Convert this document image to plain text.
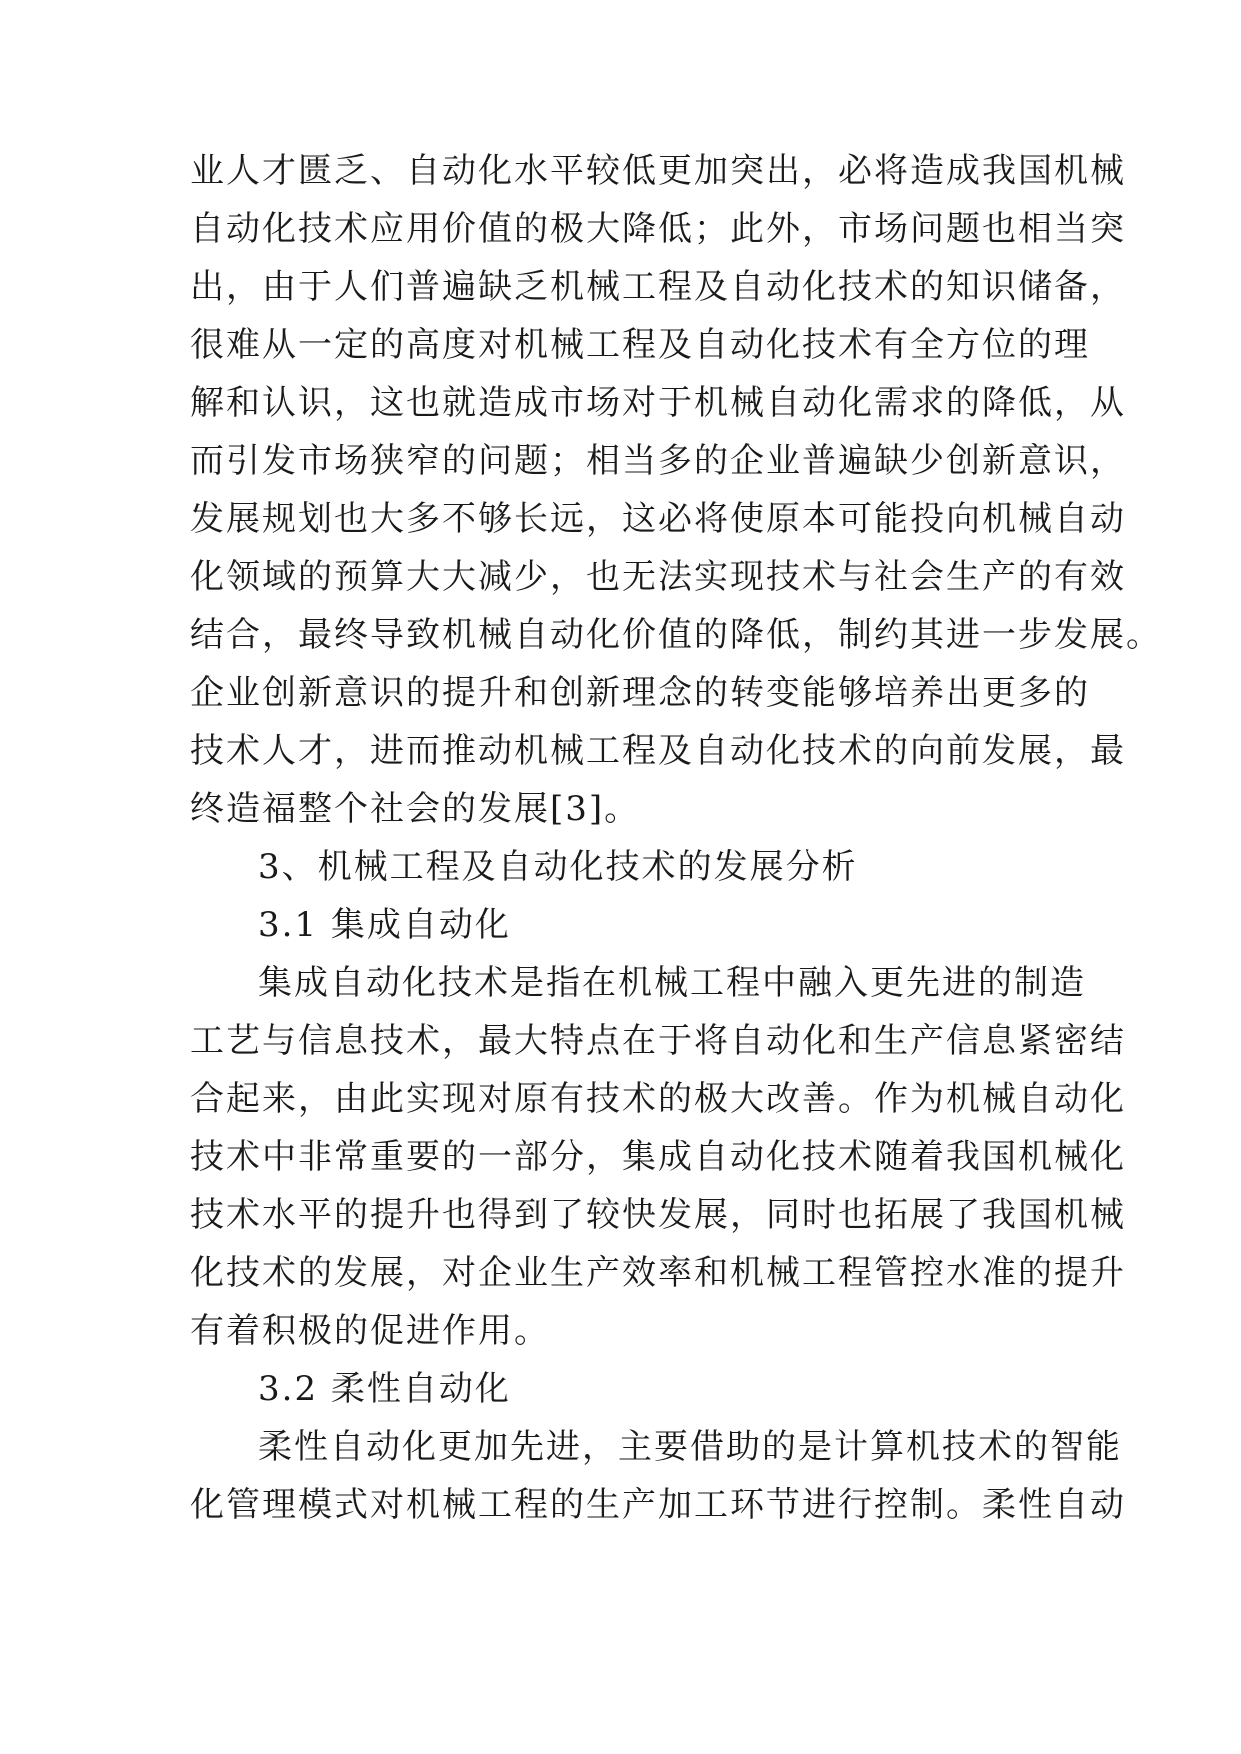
业人才匮乏、自动化水平较低更加突出，必将造成我国机械
自动化技术应用价值的极大降低；此外，市场问题也相当突
出，由于人们普遍缺乏机械工程及自动化技术的知识储备，
很难从一定的高度对机械工程及自动化技术有全方位的理
解和认识，这也就造成市场对于机械自动化需求的降低，从
而引发市场狭窄的问题；相当多的企业普遍缺少创新意识，
发展规划也大多不够长远，这必将使原本可能投向机械自动
化领域的预算大大减少，也无法实现技术与社会生产的有效
结合，最终导致机械自动化价值的降低，制约其进一步发展。
企业创新意识的提升和创新理念的转变能够培养出更多的
技术人才，进而推动机械工程及自动化技术的向前发展，最
终造福整个社会的发展[3]。
3、机械工程及自动化技术的发展分析
3.1 集成自动化
集成自动化技术是指在机械工程中融入更先进的制造
工艺与信息技术，最大特点在于将自动化和生产信息紧密结
合起来，由此实现对原有技术的极大改善。作为机械自动化
技术中非常重要的一部分，集成自动化技术随着我国机械化
技术水平的提升也得到了较快发展，同时也拓展了我国机械
化技术的发展，对企业生产效率和机械工程管控水准的提升
有着积极的促进作用。
3.2 柔性自动化
柔性自动化更加先进，主要借助的是计算机技术的智能
化管理模式对机械工程的生产加工环节进行控制。柔性自动
